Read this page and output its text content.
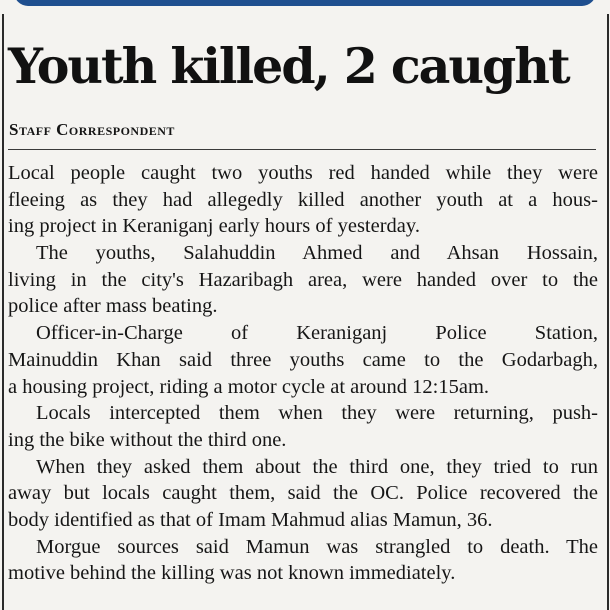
Youth killed, 2 caught

Staff Correspondent

Local people caught two youths red handed while they were
fleeing as they had allegedly killed another youth at a hous-
ing project in Keraniganj early hours of yesterday.
The youths, Salahuddin Ahmed and Ahsan Hossain,
living in the city's Hazaribagh area, were handed over to the
police after mass beating.
Officer-in-Charge of Keraniganj Police Station,
Mainuddin Khan said three youths came to the Godarbagh,
a housing project, riding a motor cycle at around 12:15am.
Locals intercepted them when they were returning, push-
ing the bike without the third one.
When they asked them about the third one, they tried to run
away but locals caught them, said the OC. Police recovered the
body identified as that of Imam Mahmud alias Mamun, 36.
Morgue sources said Mamun was strangled to death. The
motive behind the killing was not known immediately.
